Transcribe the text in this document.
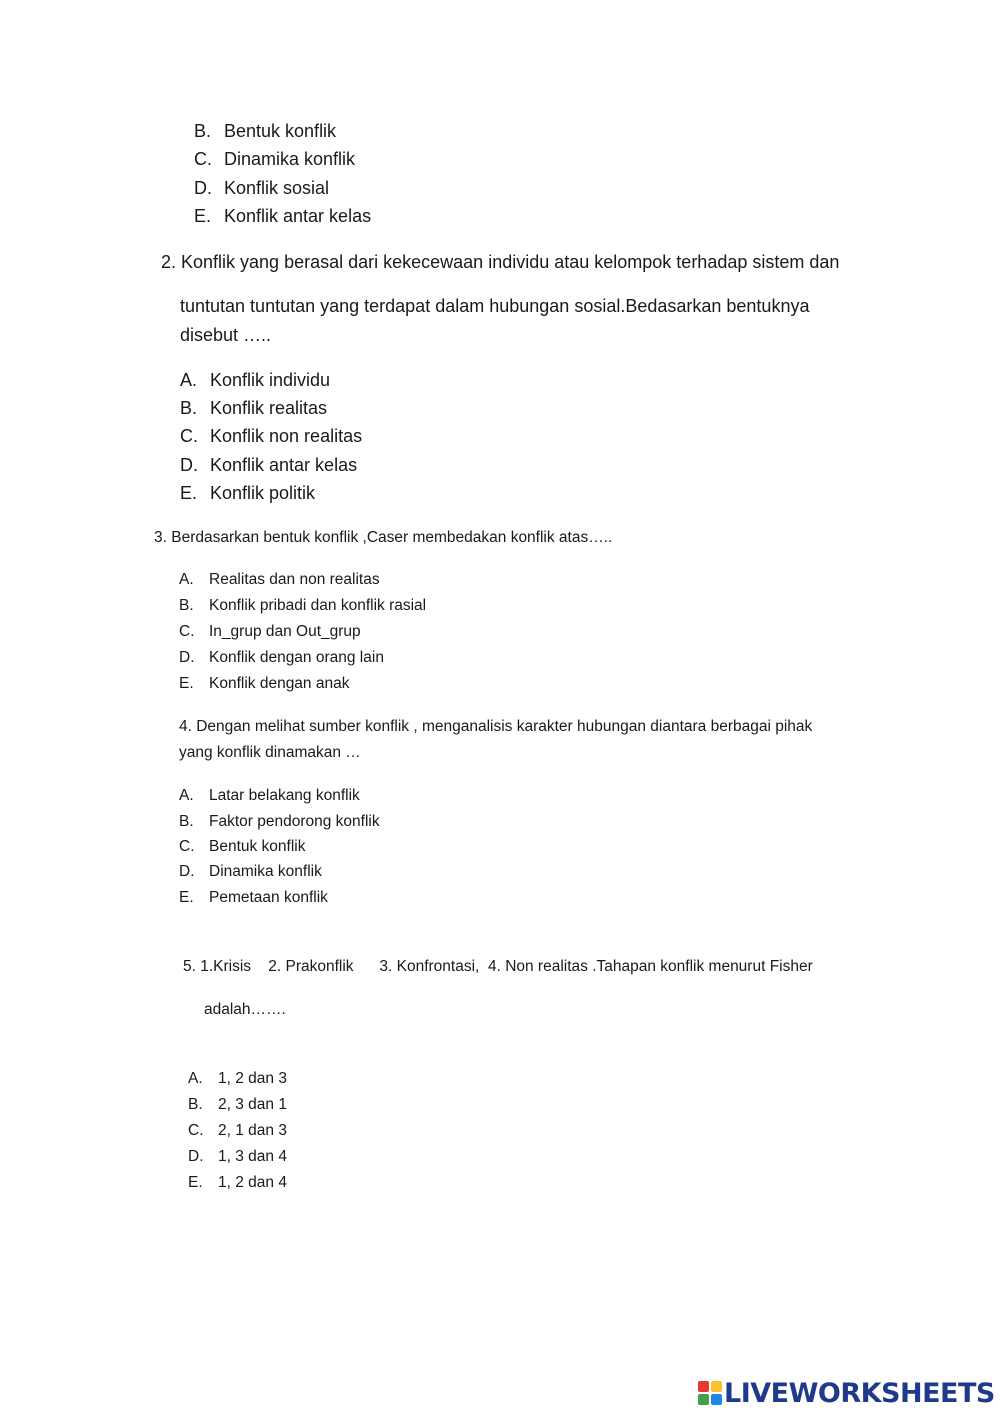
B. Bentuk konflik
C. Dinamika konflik
D. Konflik sosial
E. Konflik antar kelas
2. Konflik yang berasal dari kekecewaan individu atau kelompok terhadap sistem dan
tuntutan tuntutan yang terdapat dalam hubungan sosial.Bedasarkan bentuknya
disebut …..
A. Konflik individu
B. Konflik realitas
C. Konflik non realitas
D. Konflik antar kelas
E. Konflik politik
3. Berdasarkan bentuk konflik ,Caser membedakan konflik atas…..
A. Realitas dan non realitas
B. Konflik pribadi dan konflik rasial
C. In_grup dan Out_grup
D. Konflik dengan orang lain
E. Konflik dengan anak
4. Dengan melihat sumber konflik , menganalisis karakter hubungan diantara berbagai pihak
yang konflik dinamakan …
A. Latar belakang konflik
B. Faktor pendorong konflik
C. Bentuk konflik
D. Dinamika konflik
E. Pemetaan konflik
5. 1.Krisis    2. Prakonflik      3. Konfrontasi,  4. Non realitas .Tahapan konflik menurut Fisher
adalah…….
A. 1, 2 dan 3
B. 2, 3 dan 1
C. 2, 1 dan 3
D. 1, 3 dan 4
E. 1, 2 dan 4
LIVEWORKSHEETS
